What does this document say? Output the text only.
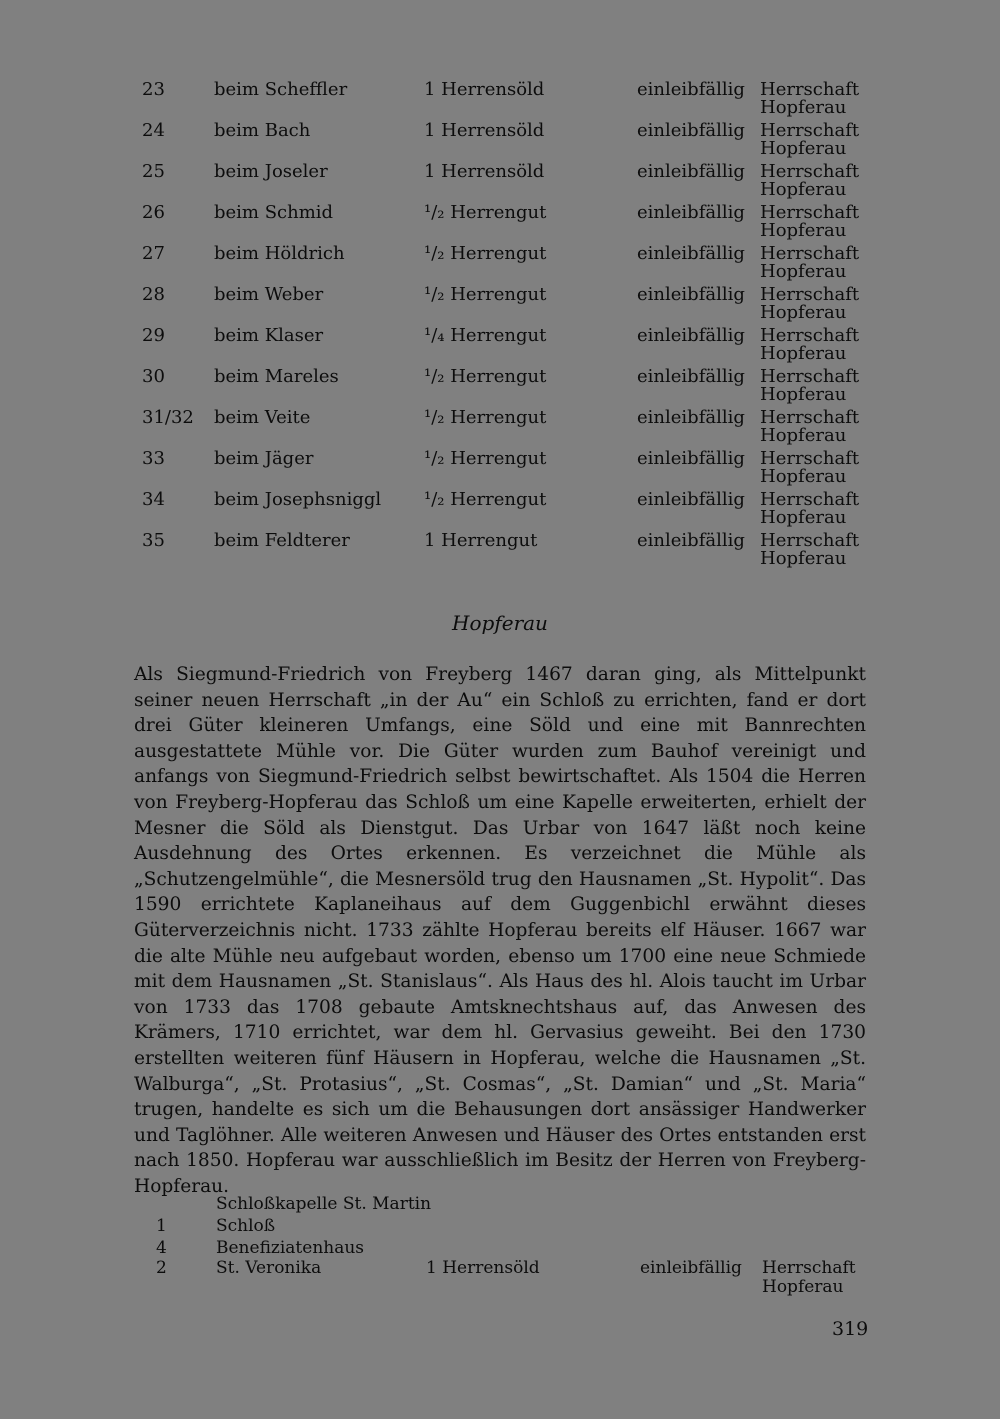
23	beim Scheffler	1 Herrensöld	einleibfällig Herrschaft
Hopferau
24	beim Bach	1 Herrensöld	einleibfällig Herrschaft
Hopferau
25	beim Joseler	1 Herrensöld	einleibfällig Herrschaft
Hopferau
26	beim Schmid	¹/₂ Herrengut	einleibfällig Herrschaft
Hopferau
27	beim Höldrich	¹/₂ Herrengut	einleibfällig Herrschaft
Hopferau
28	beim Weber	¹/₂ Herrengut	einleibfällig Herrschaft
Hopferau
29	beim Klaser	¹/₄ Herrengut	einleibfällig Herrschaft
Hopferau
30	beim Mareles	¹/₂ Herrengut	einleibfällig Herrschaft
Hopferau
31/32 beim Veite	¹/₂ Herrengut	einleibfällig Herrschaft
Hopferau
33	beim Jäger	¹/₂ Herrengut	einleibfällig Herrschaft
Hopferau
34	beim Josephsniggl ¹/₂ Herrengut	einleibfällig Herrschaft
Hopferau
35	beim Feldterer	1 Herrengut	einleibfällig Herrschaft
Hopferau
Hopferau
Als Siegmund-Friedrich von Freyberg 1467 daran ging, als Mittelpunkt seiner neuen Herrschaft „in der Au“ ein Schloß zu errichten, fand er dort drei Güter kleineren Umfangs, eine Söld und eine mit Bannrechten ausgestattete Mühle vor. Die Güter wurden zum Bauhof vereinigt und anfangs von Siegmund-Friedrich selbst bewirtschaftet. Als 1504 die Herren von Freyberg-Hopferau das Schloß um eine Kapelle erweiterten, erhielt der Mesner die Söld als Dienstgut. Das Urbar von 1647 läßt noch keine Ausdehnung des Ortes erkennen. Es verzeichnet die Mühle als „Schutzengelmühle“, die Mesnersöld trug den Hausnamen „St. Hypolit“. Das 1590 errichtete Kaplaneihaus auf dem Guggenbichl erwähnt dieses Güterverzeichnis nicht. 1733 zählte Hopferau bereits elf Häuser. 1667 war die alte Mühle neu aufgebaut worden, ebenso um 1700 eine neue Schmiede mit dem Hausnamen „St. Stanislaus“. Als Haus des hl. Alois taucht im Urbar von 1733 das 1708 gebaute Amtsknechtshaus auf, das Anwesen des Krämers, 1710 errichtet, war dem hl. Gervasius geweiht. Bei den 1730 erstellten weiteren fünf Häusern in Hopferau, welche die Hausnamen „St. Walburga“, „St. Protasius“, „St. Cosmas“, „St. Damian“ und „St. Maria“ trugen, handelte es sich um die Behausungen dort ansässiger Handwerker und Taglöhner. Alle weiteren Anwesen und Häuser des Ortes entstanden erst nach 1850. Hopferau war ausschließlich im Besitz der Herren von Freyberg-Hopferau.
Schloßkapelle St. Martin
1	Schloß
4	Benefiziatenhaus
2	St. Veronika	1 Herrensöld	einleibfällig Herrschaft
Hopferau
319
